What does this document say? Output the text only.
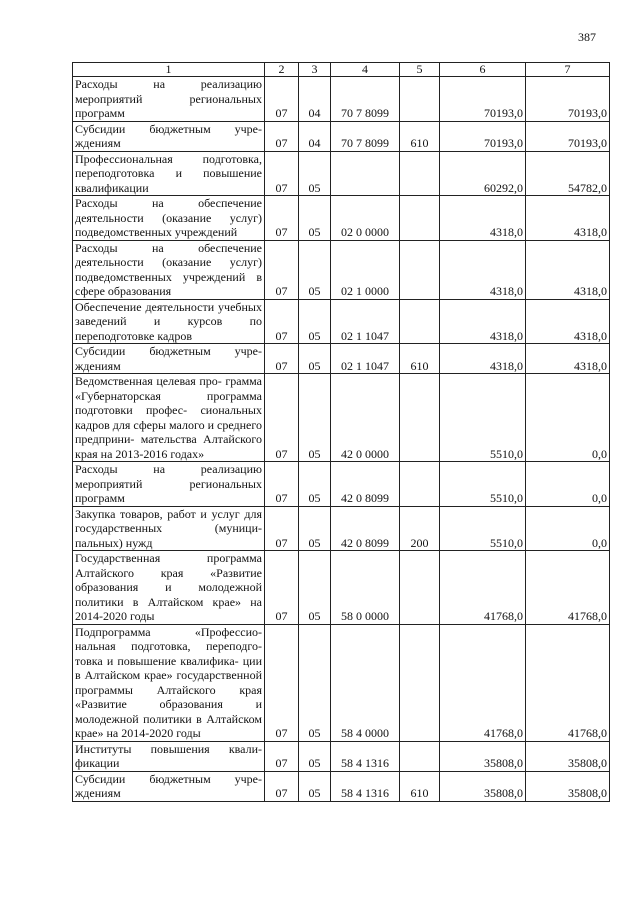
387
1	2	3	4	5	6	7
Расходы на реализацию мероприятий региональных программ	07	04	70 7 8099		70193,0	70193,0
Субсидии бюджетным учре- ждениям	07	04	70 7 8099	610	70193,0	70193,0
Профессиональная подготовка, переподготовка и повышение квалификации	07	05			60292,0	54782,0
Расходы на обеспечение деятельности (оказание услуг) подведомственных учреждений	07	05	02 0 0000		4318,0	4318,0
Расходы на обеспечение деятельности (оказание услуг) подведомственных учреждений в сфере образования	07	05	02 1 0000		4318,0	4318,0
Обеспечение деятельности учебных заведений и курсов по переподготовке кадров	07	05	02 1 1047		4318,0	4318,0
Субсидии бюджетным учре- ждениям	07	05	02 1 1047	610	4318,0	4318,0
Ведомственная целевая про- грамма «Губернаторская программа подготовки профес- сиональных кадров для сферы малого и среднего предприни- мательства Алтайского края на 2013-2016 годах»	07	05	42 0 0000		5510,0	0,0
Расходы на реализацию мероприятий региональных программ	07	05	42 0 8099		5510,0	0,0
Закупка товаров, работ и услуг для государственных (муници- пальных) нужд	07	05	42 0 8099	200	5510,0	0,0
Государственная программа Алтайского края «Развитие образования и молодежной политики в Алтайском крае» на 2014-2020 годы	07	05	58 0 0000		41768,0	41768,0
Подпрограмма «Профессио- нальная подготовка, переподго- товка и повышение квалифика- ции в Алтайском крае» государственной программы Алтайского края «Развитие образования и молодежной политики в Алтайском крае» на 2014-2020 годы	07	05	58 4 0000		41768,0	41768,0
Институты повышения квали- фикации	07	05	58 4 1316		35808,0	35808,0
Субсидии бюджетным учре- ждениям	07	05	58 4 1316	610	35808,0	35808,0
